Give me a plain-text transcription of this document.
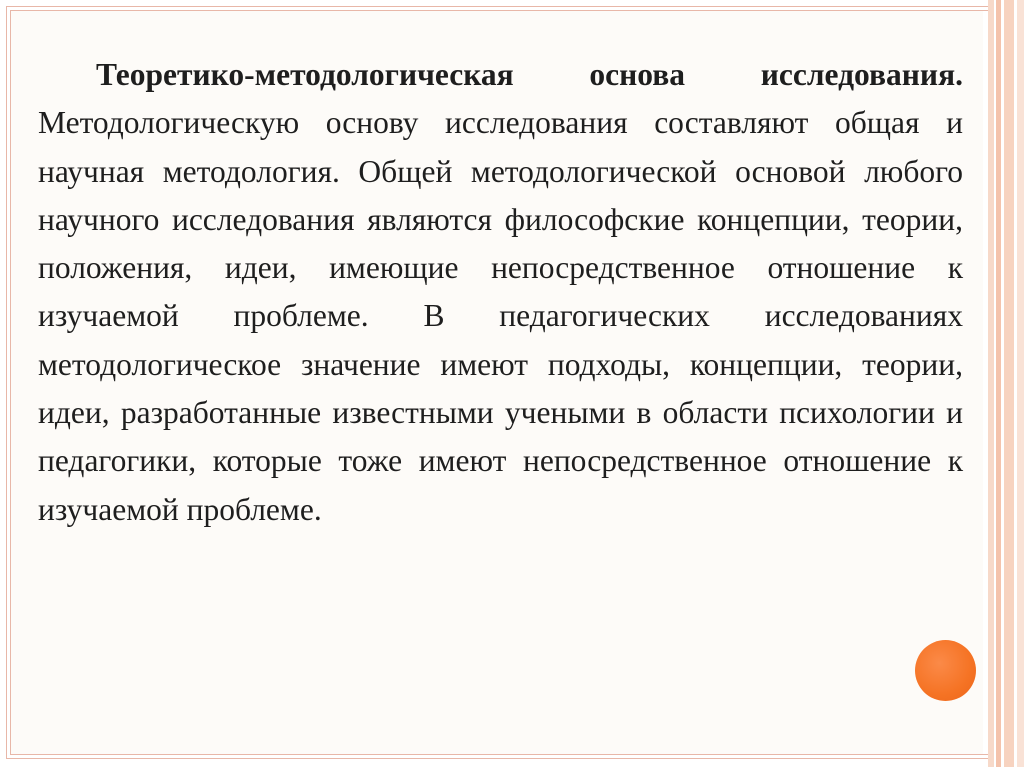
Теоретико-методологическая основа исследования. Методологическую основу исследования составляют общая и научная методология. Общей методологической основой любого научного исследования являются философские концепции, теории, положения, идеи, имеющие непосредственное отношение к изучаемой проблеме. В педагогических исследованиях методологическое значение имеют подходы, концепции, теории, идеи, разработанные известными учеными в области психологии и педагогики, которые тоже имеют непосредственное отношение к изучаемой проблеме.
